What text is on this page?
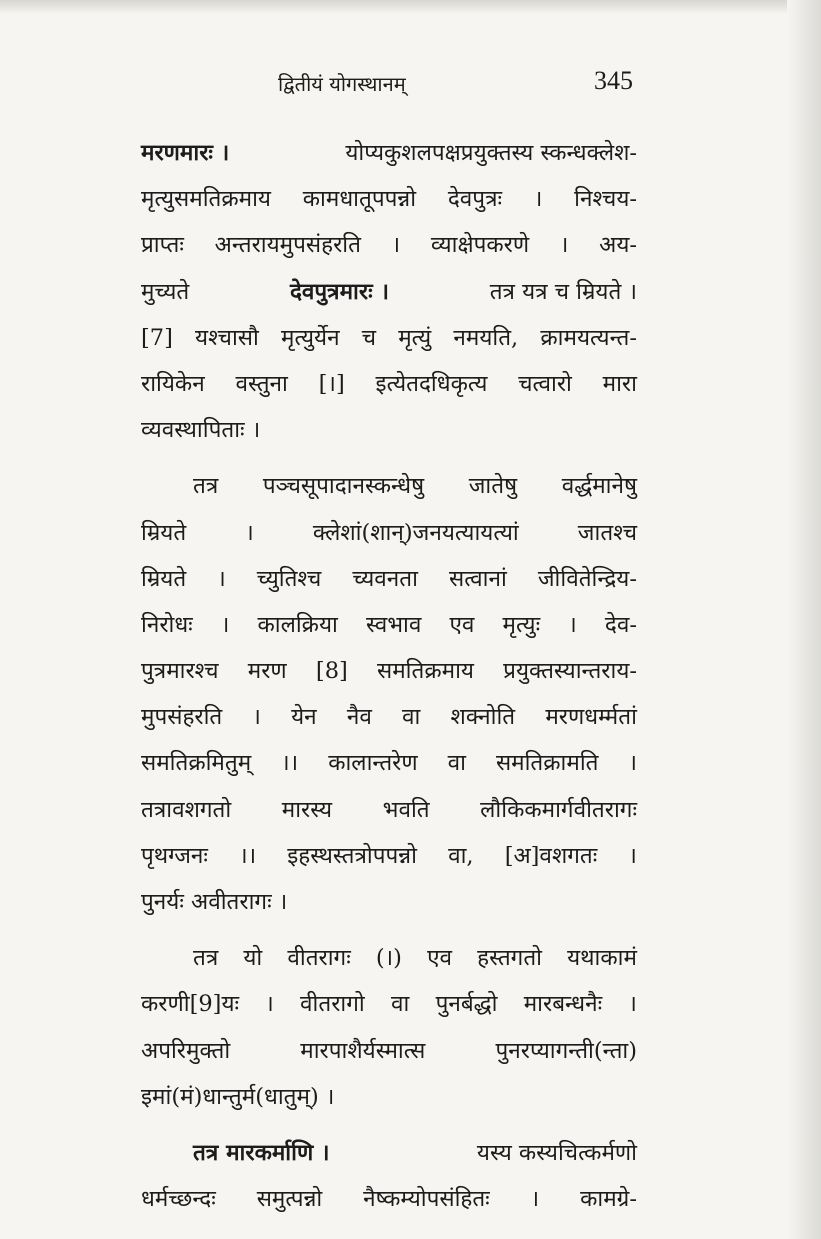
द्वितीयं योगस्थानम्	345
मरणमारः ।	योप्यकुशलपक्षप्रयुक्तस्य स्कन्धक्लेश-
मृत्युसमतिक्रमाय कामधातूपपन्नो देवपुत्रः । निश्चय-
प्राप्तः अन्तरायमुपसंहरति । व्याक्षेपकरणे । अय-
मुच्यते	देवपुत्रमारः ।	तत्र यत्र च म्रियते ।
[7] यश्चासौ मृत्युर्येन च मृत्युं नमयति, क्रामयत्यन्त-
रायिकेन वस्तुना [।] इत्येतदधिकृत्य चत्वारो मारा
व्यवस्थापिताः ।
तत्र पञ्चसूपादानस्कन्धेषु जातेषु वर्द्धमानेषु
म्रियते	।	क्लेशां(शान्)जनयत्यायत्यां	जातश्च
म्रियते । च्युतिश्च च्यवनता सत्वानां जीवितेन्द्रिय-
निरोधः । कालक्रिया स्वभाव एव मृत्युः । देव-
पुत्रमारश्च मरण [8] समतिक्रमाय प्रयुक्तस्यान्तराय-
मुपसंहरति । येन नैव वा शक्नोति मरणधर्म्मतां
समतिक्रमितुम् ।। कालान्तरेण वा समतिक्रामति ।
तत्रावशगतो मारस्य भवति लौकिकमार्गवीतरागः
पृथग्जनः ।। इहस्थस्तत्रोपपन्नो वा, [अ]वशगतः ।
पुनर्यः अवीतरागः ।
तत्र यो वीतरागः (।) एव हस्तगतो यथाकामं
करणी[9]यः । वीतरागो वा पुनर्बद्धो मारबन्धनैः ।
अपरिमुक्तो	मारपाशैर्यस्मात्स	पुनरप्यागन्ती(न्ता)
इमां(मं)धान्तुर्म(धातुम्) ।
तत्र मारकर्माणि ।	यस्य कस्यचित्कर्मणो
धर्मच्छन्दः समुत्पन्नो नैष्कम्योपसंहितः । कामग्रे-
